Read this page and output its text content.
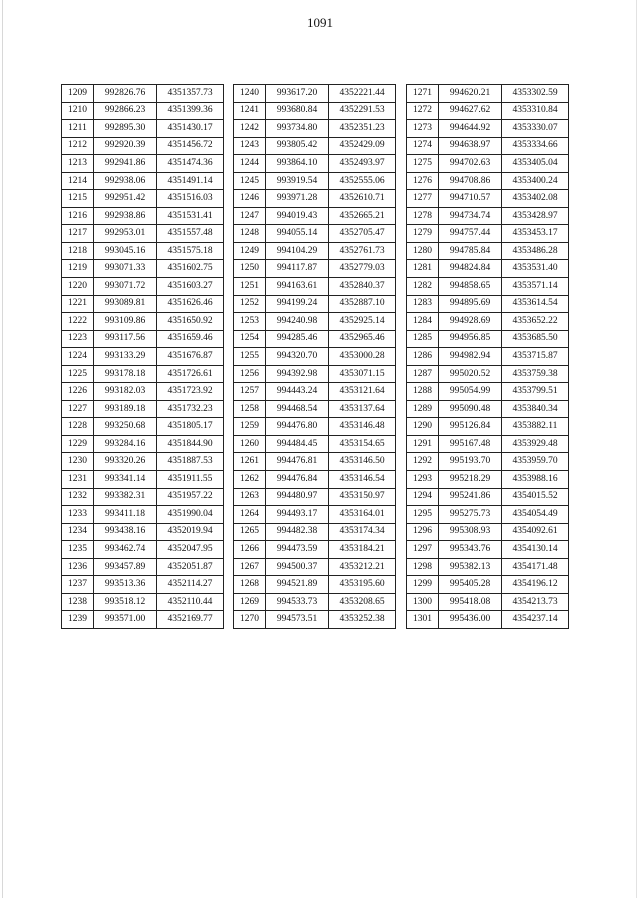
1091
1209	992826.76	4351357.73
1210	992866.23	4351399.36
1211	992895.30	4351430.17
1212	992920.39	4351456.72
1213	992941.86	4351474.36
1214	992938.06	4351491.14
1215	992951.42	4351516.03
1216	992938.86	4351531.41
1217	992953.01	4351557.48
1218	993045.16	4351575.18
1219	993071.33	4351602.75
1220	993071.72	4351603.27
1221	993089.81	4351626.46
1222	993109.86	4351650.92
1223	993117.56	4351659.46
1224	993133.29	4351676.87
1225	993178.18	4351726.61
1226	993182.03	4351723.92
1227	993189.18	4351732.23
1228	993250.68	4351805.17
1229	993284.16	4351844.90
1230	993320.26	4351887.53
1231	993341.14	4351911.55
1232	993382.31	4351957.22
1233	993411.18	4351990.04
1234	993438.16	4352019.94
1235	993462.74	4352047.95
1236	993457.89	4352051.87
1237	993513.36	4352114.27
1238	993518.12	4352110.44
1239	993571.00	4352169.77
1240	993617.20	4352221.44
1241	993680.84	4352291.53
1242	993734.80	4352351.23
1243	993805.42	4352429.09
1244	993864.10	4352493.97
1245	993919.54	4352555.06
1246	993971.28	4352610.71
1247	994019.43	4352665.21
1248	994055.14	4352705.47
1249	994104.29	4352761.73
1250	994117.87	4352779.03
1251	994163.61	4352840.37
1252	994199.24	4352887.10
1253	994240.98	4352925.14
1254	994285.46	4352965.46
1255	994320.70	4353000.28
1256	994392.98	4353071.15
1257	994443.24	4353121.64
1258	994468.54	4353137.64
1259	994476.80	4353146.48
1260	994484.45	4353154.65
1261	994476.81	4353146.50
1262	994476.84	4353146.54
1263	994480.97	4353150.97
1264	994493.17	4353164.01
1265	994482.38	4353174.34
1266	994473.59	4353184.21
1267	994500.37	4353212.21
1268	994521.89	4353195.60
1269	994533.73	4353208.65
1270	994573.51	4353252.38
1271	994620.21	4353302.59
1272	994627.62	4353310.84
1273	994644.92	4353330.07
1274	994638.97	4353334.66
1275	994702.63	4353405.04
1276	994708.86	4353400.24
1277	994710.57	4353402.08
1278	994734.74	4353428.97
1279	994757.44	4353453.17
1280	994785.84	4353486.28
1281	994824.84	4353531.40
1282	994858.65	4353571.14
1283	994895.69	4353614.54
1284	994928.69	4353652.22
1285	994956.85	4353685.50
1286	994982.94	4353715.87
1287	995020.52	4353759.38
1288	995054.99	4353799.51
1289	995090.48	4353840.34
1290	995126.84	4353882.11
1291	995167.48	4353929.48
1292	995193.70	4353959.70
1293	995218.29	4353988.16
1294	995241.86	4354015.52
1295	995275.73	4354054.49
1296	995308.93	4354092.61
1297	995343.76	4354130.14
1298	995382.13	4354171.48
1299	995405.28	4354196.12
1300	995418.08	4354213.73
1301	995436.00	4354237.14
